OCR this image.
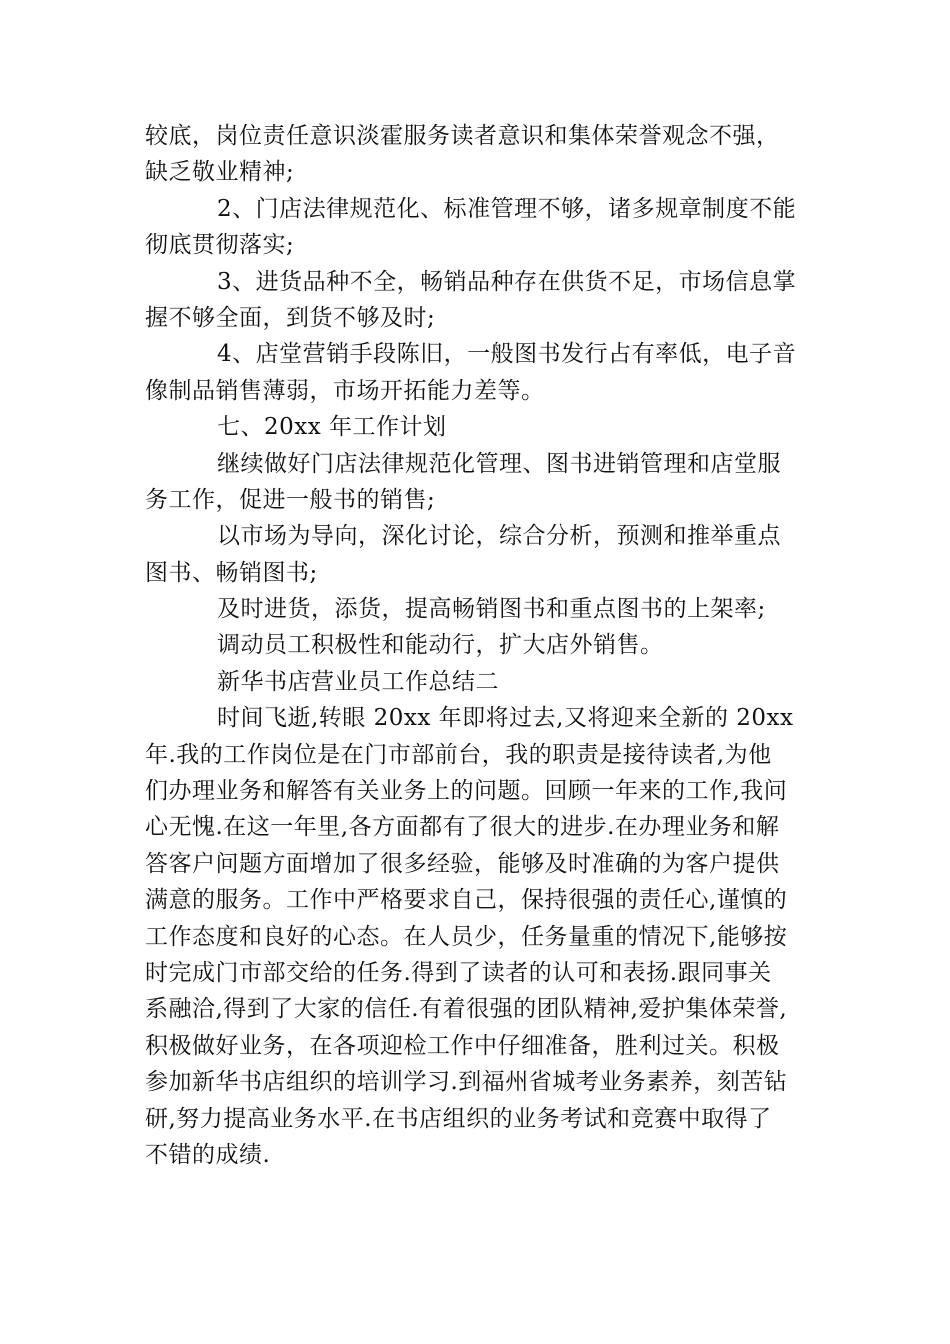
较底，岗位责任意识淡霍服务读者意识和集体荣誉观念不强，
缺乏敬业精神;
2、门店法律规范化、标准管理不够，诸多规章制度不能
彻底贯彻落实;
3、进货品种不全，畅销品种存在供货不足，市场信息掌
握不够全面，到货不够及时;
4、店堂营销手段陈旧，一般图书发行占有率低，电子音
像制品销售薄弱，市场开拓能力差等。
七、20xx 年工作计划
继续做好门店法律规范化管理、图书进销管理和店堂服
务工作，促进一般书的销售;
以市场为导向，深化讨论，综合分析，预测和推举重点
图书、畅销图书;
及时进货，添货，提高畅销图书和重点图书的上架率;
调动员工积极性和能动行，扩大店外销售。
新华书店营业员工作总结二
时间飞逝,转眼 20xx 年即将过去,又将迎来全新的 20xx
年.我的工作岗位是在门市部前台，我的职责是接待读者,为他
们办理业务和解答有关业务上的问题。回顾一年来的工作,我问
心无愧.在这一年里,各方面都有了很大的进步.在办理业务和解
答客户问题方面增加了很多经验，能够及时准确的为客户提供
满意的服务。工作中严格要求自己，保持很强的责任心,谨慎的
工作态度和良好的心态。在人员少，任务量重的情况下,能够按
时完成门市部交给的任务.得到了读者的认可和表扬.跟同事关
系融洽,得到了大家的信任.有着很强的团队精神,爱护集体荣誉,
积极做好业务，在各项迎检工作中仔细准备，胜利过关。积极
参加新华书店组织的培训学习.到福州省城考业务素养，刻苦钻
研,努力提高业务水平.在书店组织的业务考试和竞赛中取得了
不错的成绩.
